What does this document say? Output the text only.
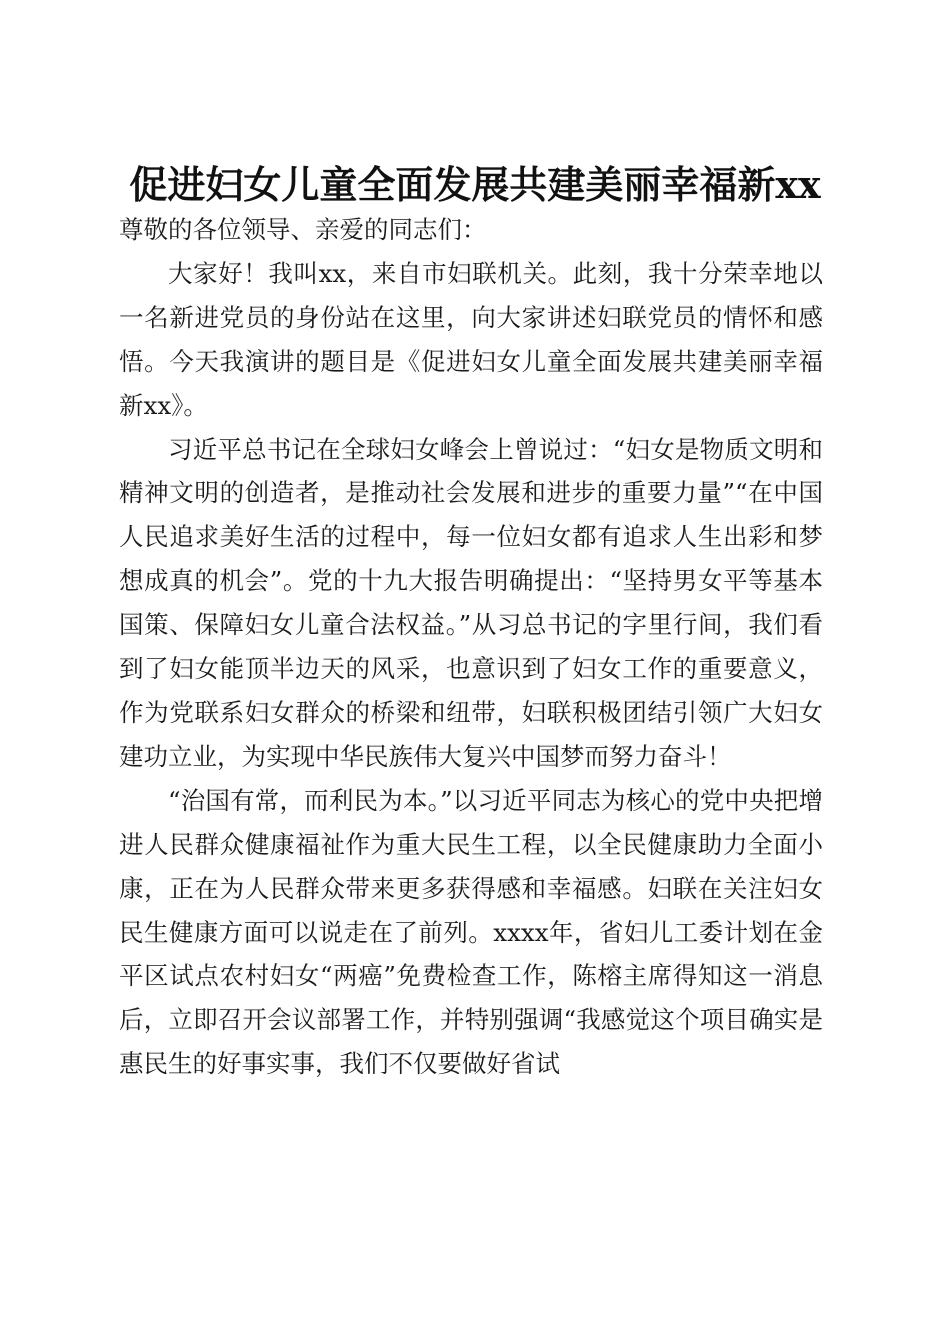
促进妇女儿童全面发展共建美丽幸福新xx

尊敬的各位领导、亲爱的同志们：

大家好！我叫xx，来自市妇联机关。此刻，我十分荣幸地以一名新进党员的身份站在这里，向大家讲述妇联党员的情怀和感悟。今天我演讲的题目是《促进妇女儿童全面发展共建美丽幸福新xx》。

习近平总书记在全球妇女峰会上曾说过：“妇女是物质文明和精神文明的创造者，是推动社会发展和进步的重要力量”“在中国人民追求美好生活的过程中，每一位妇女都有追求人生出彩和梦想成真的机会”。党的十九大报告明确提出：“坚持男女平等基本国策、保障妇女儿童合法权益。”从习总书记的字里行间，我们看到了妇女能顶半边天的风采，也意识到了妇女工作的重要意义，作为党联系妇女群众的桥梁和纽带，妇联积极团结引领广大妇女建功立业，为实现中华民族伟大复兴中国梦而努力奋斗！

“治国有常，而利民为本。”以习近平同志为核心的党中央把增进人民群众健康福祉作为重大民生工程，以全民健康助力全面小康，正在为人民群众带来更多获得感和幸福感。妇联在关注妇女民生健康方面可以说走在了前列。xxxx年，省妇儿工委计划在金平区试点农村妇女“两癌”免费检查工作，陈榕主席得知这一消息后，立即召开会议部署工作，并特别强调“我感觉这个项目确实是惠民生的好事实事，我们不仅要做好省试
